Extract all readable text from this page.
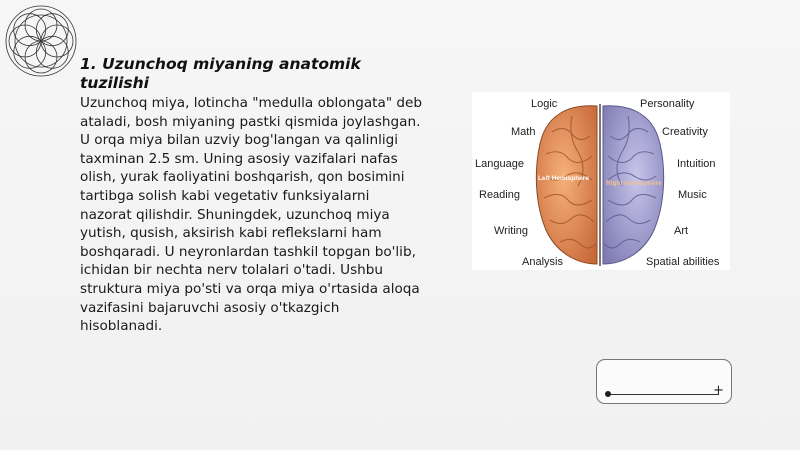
1. Uzunchoq miyaning anatomik tuzilishi
Uzunchoq miya, lotincha "medulla oblongata" deb ataladi, bosh miyaning pastki qismida joylashgan. U orqa miya bilan uzviy bog'langan va qalinligi taxminan 2.5 sm. Uning asosiy vazifalari nafas olish, yurak faoliyatini boshqarish, qon bosimini tartibga solish kabi vegetativ funksiyalarni nazorat qilishdir. Shuningdek, uzunchoq miya yutish, qusish, aksirish kabi reflekslarni ham boshqaradi. U neyronlardan tashkil topgan bo'lib, ichidan bir nechta nerv tolalari o'tadi. Ushbu struktura miya po'sti va orqa miya o'rtasida aloqa vazifasini bajaruvchi asosiy o'tkazgich hisoblanadi.
Left Hemisphere
Right Hemisphere
Logic
Math
Language
Reading
Writing
Analysis
Personality
Creativity
Intuition
Music
Art
Spatial abilities
+
